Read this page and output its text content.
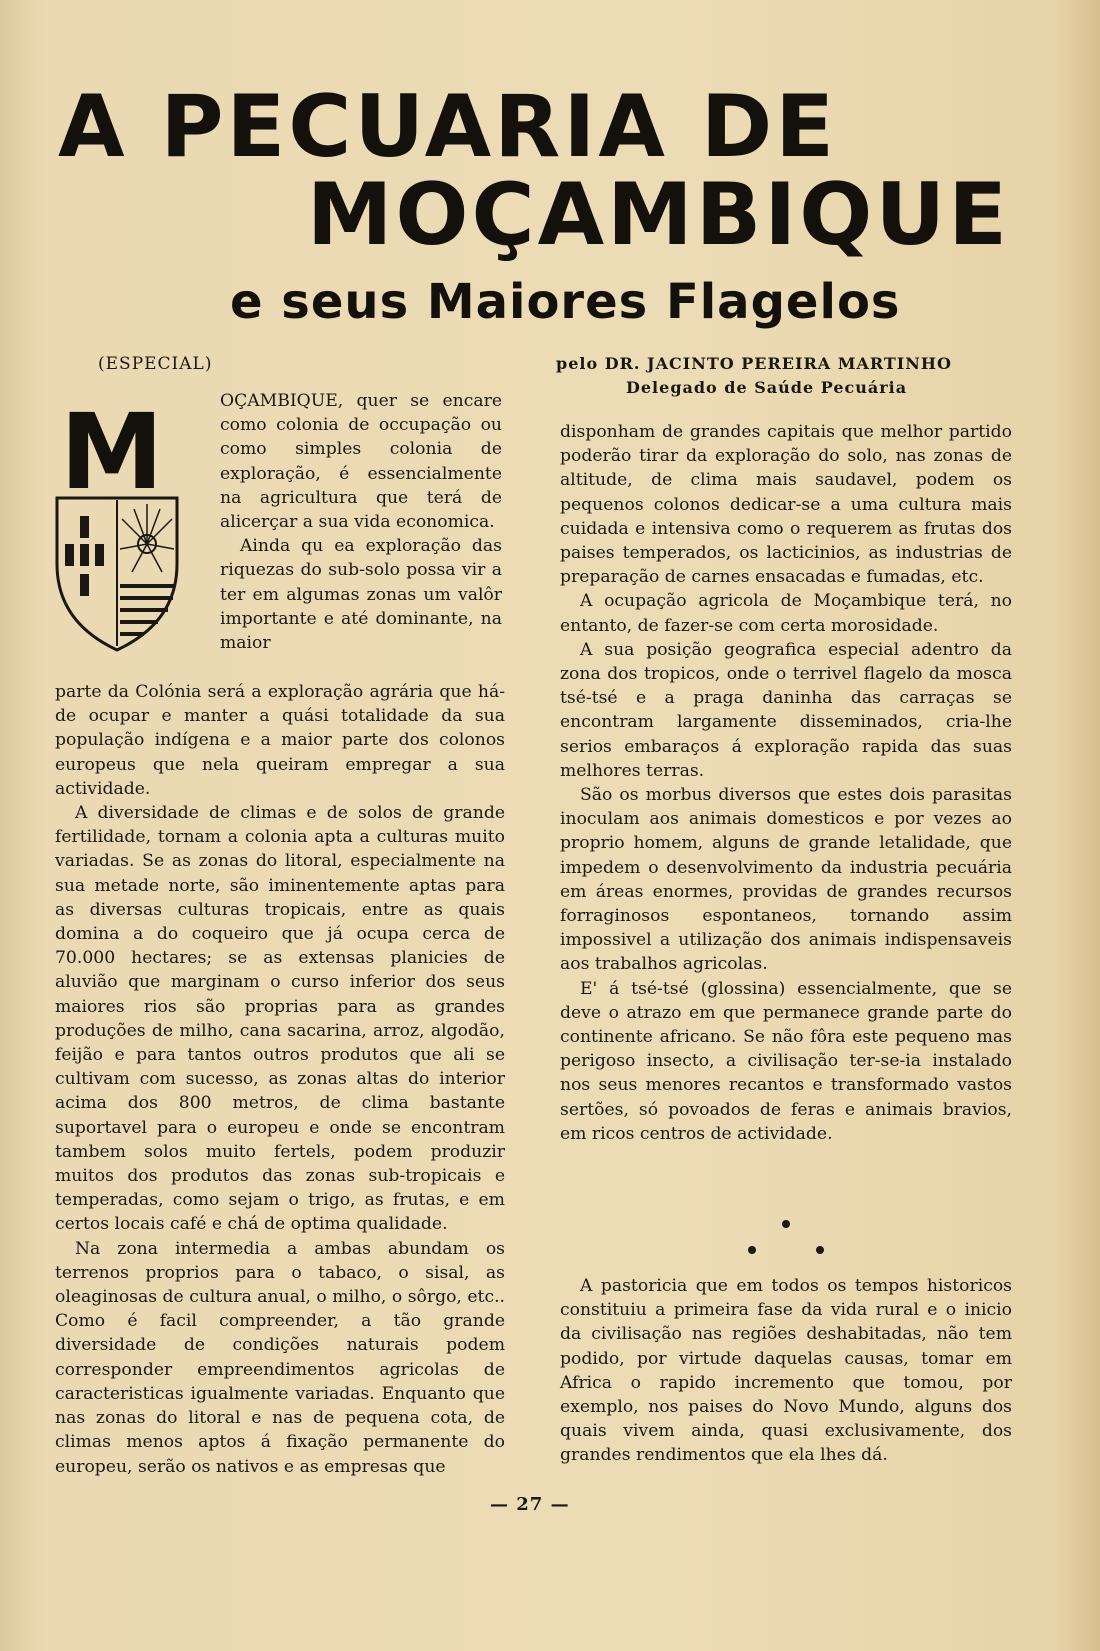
A PECUARIA DE
MOÇAMBIQUE
e seus Maiores Flagelos
(ESPECIAL)	pelo DR. JACINTO PEREIRA MARTINHO
Delegado de Saúde Pecuária
M	OÇAMBIQUE, quer se encare como colonia de occupação ou como simples colonia de exploração, é essencialmente na agricultura que terá de alicerçar a sua vida economica.

Ainda qu ea exploração das riquezas do sub-solo possa vir a ter em algumas zonas um valôr importante e até dominante, na maior

parte da Colónia será a exploração agrária que há-de ocupar e manter a quási totalidade da sua população indígena e a maior parte dos colonos europeus que nela queiram empregar a sua actividade.

A diversidade de climas e de solos de grande fertilidade, tornam a colonia apta a culturas muito variadas. Se as zonas do litoral, especialmente na sua metade norte, são iminentemente aptas para as diversas culturas tropicais, entre as quais domina a do coqueiro que já ocupa cerca de 70.000 hectares; se as extensas planicies de aluvião que marginam o curso inferior dos seus maiores rios são proprias para as grandes produções de milho, cana sacarina, arroz, algodão, feijão e para tantos outros produtos que ali se cultivam com sucesso, as zonas altas do interior acima dos 800 metros, de clima bastante suportavel para o europeu e onde se encontram tambem solos muito fertels, podem produzir muitos dos produtos das zonas sub-tropicais e temperadas, como sejam o trigo, as frutas, e em certos locais café e chá de optima qualidade.

Na zona intermedia a ambas abundam os terrenos proprios para o tabaco, o sisal, as oleaginosas de cultura anual, o milho, o sôrgo, etc.. Como é facil compreender, a tão grande diversidade de condições naturais podem corresponder empreendimentos agricolas de caracteristicas igualmente variadas. Enquanto que nas zonas do litoral e nas de pequena cota, de climas menos aptos á fixação permanente do europeu, serão os nativos e as empresas que

disponham de grandes capitais que melhor partido poderão tirar da exploração do solo, nas zonas de altitude, de clima mais saudavel, podem os pequenos colonos dedicar-se a uma cultura mais cuidada e intensiva como o requerem as frutas dos paises temperados, os lacticinios, as industrias de preparação de carnes ensacadas e fumadas, etc.

A ocupação agricola de Moçambique terá, no entanto, de fazer-se com certa morosidade.

A sua posição geografica especial adentro da zona dos tropicos, onde o terrivel flagelo da mosca tsé-tsé e a praga daninha das carraças se encontram largamente disseminados, cria-lhe serios embaraços á exploração rapida das suas melhores terras.

São os morbus diversos que estes dois parasitas inoculam aos animais domesticos e por vezes ao proprio homem, alguns de grande letalidade, que impedem o desenvolvimento da industria pecuária em áreas enormes, providas de grandes recursos forraginosos espontaneos, tornando assim impossivel a utilização dos animais indispensaveis aos trabalhos agricolas.

E' á tsé-tsé (glossina) essencialmente, que se deve o atrazo em que permanece grande parte do continente africano. Se não fôra este pequeno mas perigoso insecto, a civilisação ter-se-ia instalado nos seus menores recantos e transformado vastos sertões, só povoados de feras e animais bravios, em ricos centros de actividade.

A pastoricia que em todos os tempos historicos constituiu a primeira fase da vida rural e o inicio da civilisação nas regiões deshabitadas, não tem podido, por virtude daquelas causas, tomar em Africa o rapido incremento que tomou, por exemplo, nos paises do Novo Mundo, alguns dos quais vivem ainda, quasi exclusivamente, dos grandes rendimentos que ela lhes dá.

— 27 —
